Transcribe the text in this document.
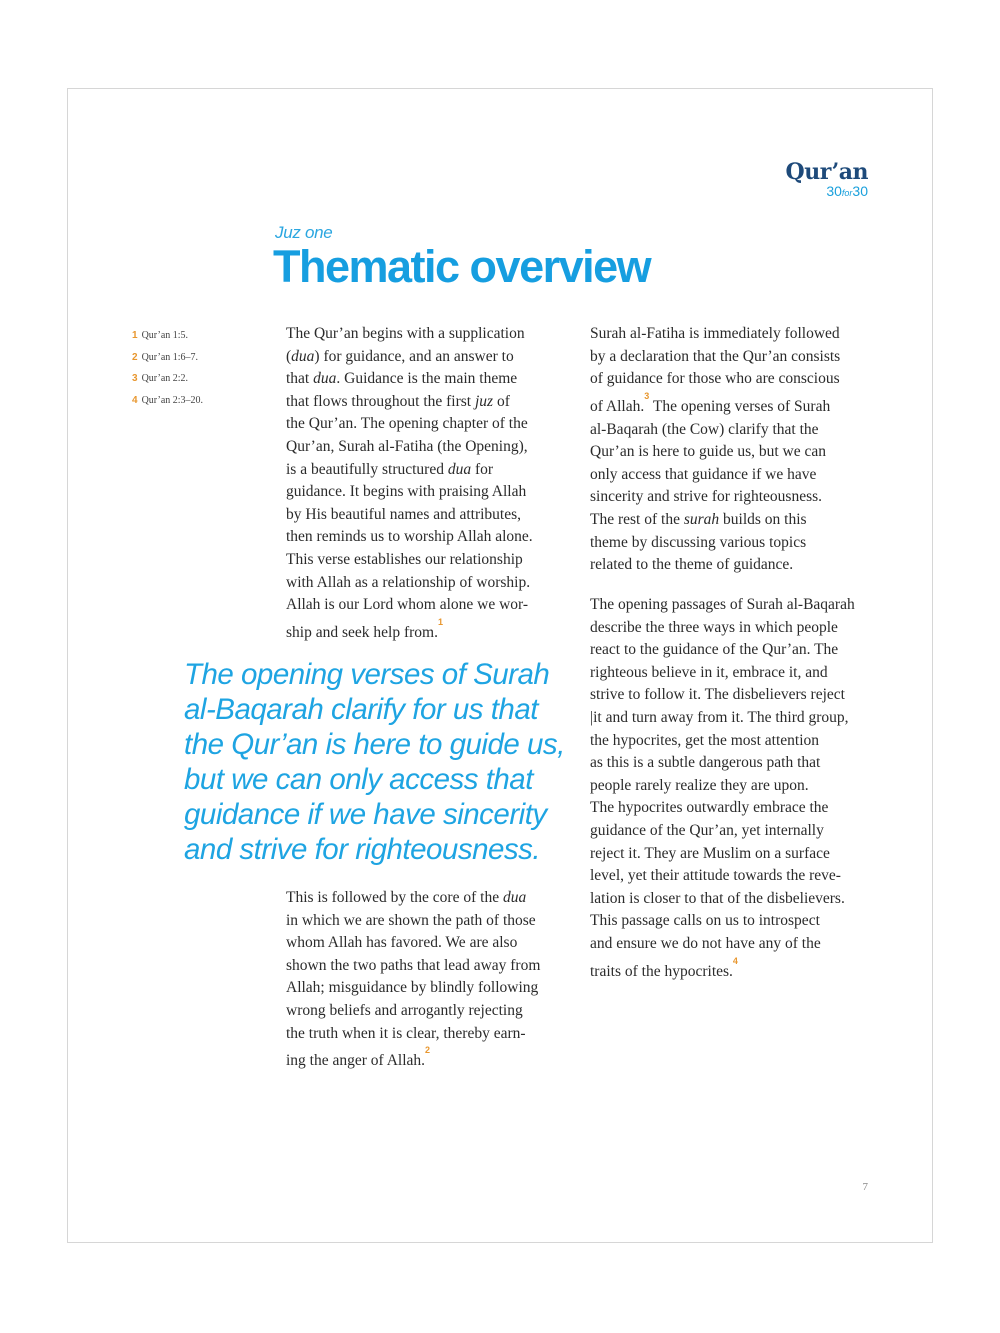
Qur’an
30for30
Juz one
Thematic overview
1 Qur’an 1:5.
2 Qur’an 1:6–7.
3 Qur’an 2:2.
4 Qur’an 2:3–20.
The Qur’an begins with a supplication
(dua) for guidance, and an answer to
that dua. Guidance is the main theme
that flows throughout the first juz of
the Qur’an. The opening chapter of the
Qur’an, Surah al-Fatiha (the Opening),
is a beautifully structured dua for
guidance. It begins with praising Allah
by His beautiful names and attributes,
then reminds us to worship Allah alone.
This verse establishes our relationship
with Allah as a relationship of worship.
Allah is our Lord whom alone we wor-
ship and seek help from.$^1$
The opening verses of Surah
al-Baqarah clarify for us that
the Qur’an is here to guide us,
but we can only access that
guidance if we have sincerity
and strive for righteousness.
This is followed by the core of the dua
in which we are shown the path of those
whom Allah has favored. We are also
shown the two paths that lead away from
Allah; misguidance by blindly following
wrong beliefs and arrogantly rejecting
the truth when it is clear, thereby earn-
ing the anger of Allah.$^2$
Surah al-Fatiha is immediately followed
by a declaration that the Qur’an consists
of guidance for those who are conscious
of Allah.$^3$ The opening verses of Surah
al-Baqarah (the Cow) clarify that the
Qur’an is here to guide us, but we can
only access that guidance if we have
sincerity and strive for righteousness.
The rest of the surah builds on this
theme by discussing various topics
related to the theme of guidance.
The opening passages of Surah al-Baqarah
describe the three ways in which people
react to the guidance of the Qur’an. The
righteous believe in it, embrace it, and
strive to follow it. The disbelievers reject
|it and turn away from it. The third group,
the hypocrites, get the most attention
as this is a subtle dangerous path that
people rarely realize they are upon.
The hypocrites outwardly embrace the
guidance of the Qur’an, yet internally
reject it. They are Muslim on a surface
level, yet their attitude towards the reve-
lation is closer to that of the disbelievers.
This passage calls on us to introspect
and ensure we do not have any of the
traits of the hypocrites.$^4$
7
